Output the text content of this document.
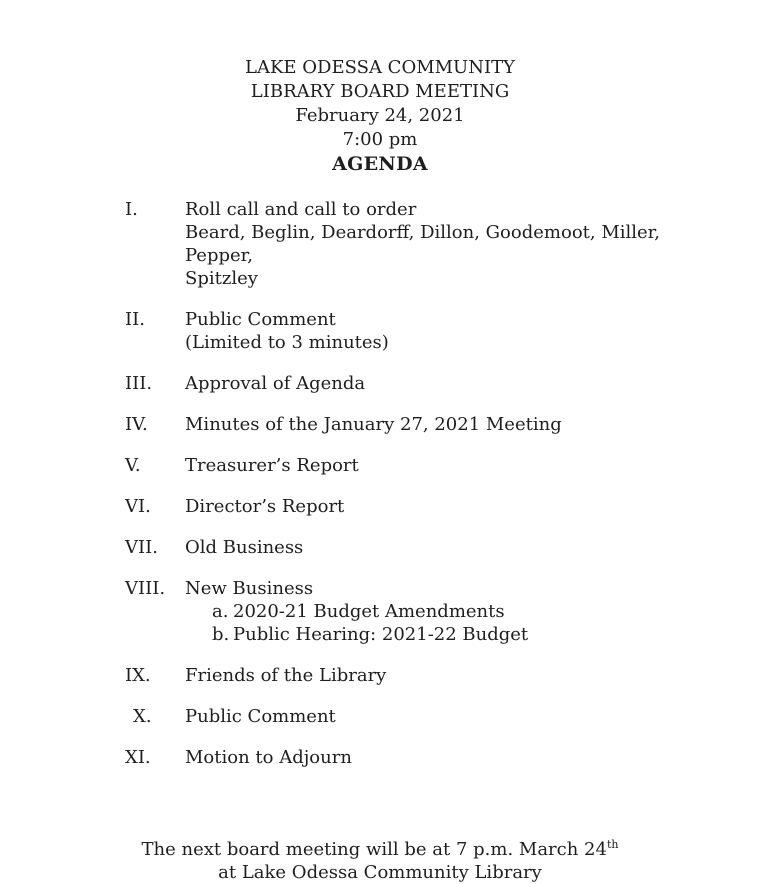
LAKE ODESSA COMMUNITY
LIBRARY BOARD MEETING
February 24, 2021
7:00 pm
AGENDA
I.	Roll call and call to order
Beard, Beglin, Deardorff, Dillon, Goodemoot, Miller, Pepper,
Spitzley
II.	Public Comment
(Limited to 3 minutes)
III.	Approval of Agenda
IV.	Minutes of the January 27, 2021 Meeting
V.	Treasurer’s Report
VI.	Director’s Report
VII.	Old Business
VIII.	New Business
a. 2020-21 Budget Amendments
b. Public Hearing: 2021-22 Budget
IX.	Friends of the Library
X.	Public Comment
XI.	Motion to Adjourn
The next board meeting will be at 7 p.m. March 24th
at Lake Odessa Community Library
